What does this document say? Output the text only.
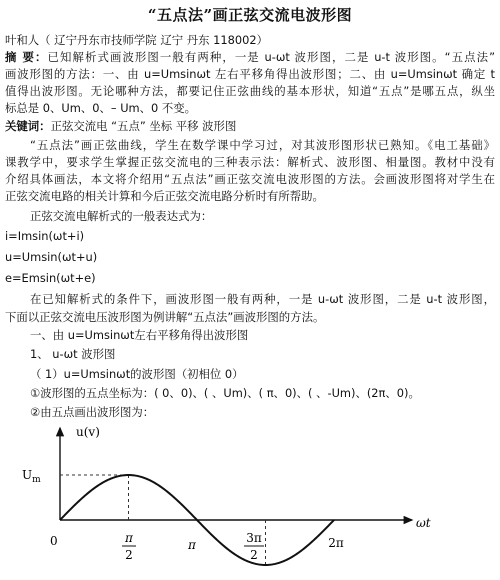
“五点法”画正弦交流电波形图
叶和人（ 辽宁丹东市技师学院 辽宁 丹东 118002）
摘 要：已知解析式画波形图一般有两种，一是 u-ωt 波形图，二是 u-t 波形图。“五点法”
画波形图的方法：一、由 u=Umsinωt 左右平移角得出波形图；二、由 u=Umsinωt 确定 t
值得出波形图。无论哪种方法，都要记住正弦曲线的基本形状，知道“五点”是哪五点，纵坐
标总是 0、Um、0、– Um、0 不变。
关键词：正弦交流电 “五点” 坐标 平移 波形图
“五点法”画正弦曲线，学生在数学课中学习过，对其波形图形状已熟知。《电工基础》
课教学中，要求学生掌握正弦交流电的三种表示法：解析式、波形图、相量图。教材中没有
介绍具体画法，本文将介绍用“五点法”画正弦交流电波形图的方法。会画波形图将对学生在
正弦交流电路的相关计算和今后正弦交流电路分析时有所帮助。
正弦交流电解析式的一般表达式为：
i=Imsin(ωt+i)
u=Umsin(ωt+u)
e=Emsin(ωt+e)
在已知解析式的条件下，画波形图一般有两种，一是 u-ωt 波形图，二是 u-t 波形图，
下面以正弦交流电压波形图为例讲解“五点法”画波形图的方法。
一、由 u=Umsinωt左右平移角得出波形图
1、 u-ωt 波形图
（ 1）u=Umsinωt的波形图（初相位 0）
①波形图的五点坐标为：( 0、0)、( 、Um)、( π、0)、( 、-Um)、(2π、0)。
②由五点画出波形图为：
u(v)
ωt
0
$U_m$
π
2
π	3π
2
2π
